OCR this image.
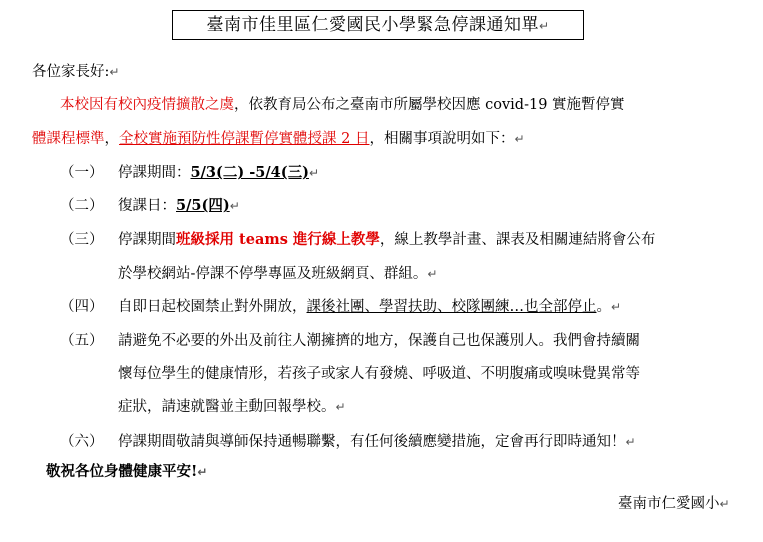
臺南市佳里區仁愛國民小學緊急停課通知單↵
各位家長好:↵
本校因有校內疫情擴散之虞，依教育局公布之臺南市所屬學校因應 covid-19 實施暫停實
體課程標準，全校實施預防性停課暫停實體授課 2 日，相關事項說明如下：↵
（一） 停課期間：5/3(二) -5/4(三)↵
（二） 復課日：5/5(四)↵
（三） 停課期間班級採用 teams 進行線上教學，線上教學計畫、課表及相關連結將會公布
於學校網站-停課不停學專區及班級網頁、群組。↵
（四） 自即日起校園禁止對外開放，課後社團、學習扶助、校隊團練…也全部停止。↵
（五） 請避免不必要的外出及前往人潮擁擠的地方，保護自己也保護別人。我們會持續關
懷每位學生的健康情形，若孩子或家人有發燒、呼吸道、不明腹痛或嗅味覺異常等
症狀，請速就醫並主動回報學校。↵
（六） 停課期間敬請與導師保持通暢聯繫，有任何後續應變措施，定會再行即時通知！↵
敬祝各位身體健康平安!↵
臺南市仁愛國小↵
